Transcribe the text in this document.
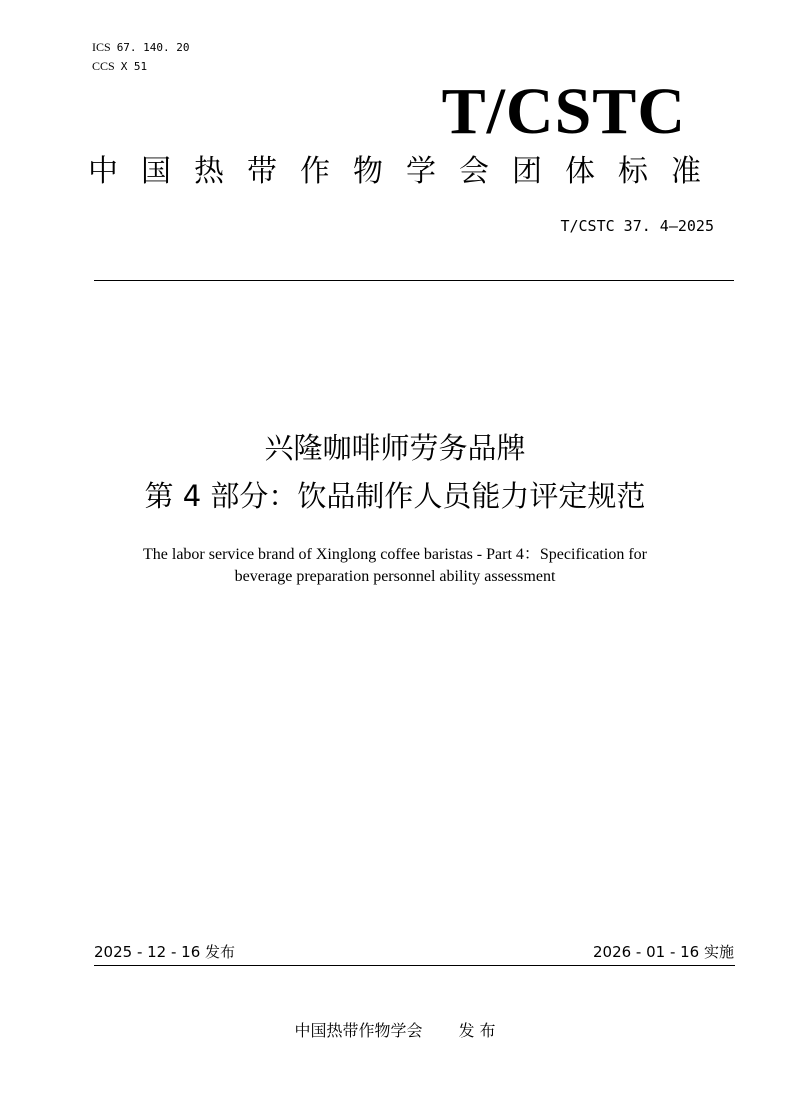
ICS 67. 140. 20
CCS X 51
T/CSTC
中国热带作物学会团体标准
T/CSTC 37. 4—2025
兴隆咖啡师劳务品牌
第 4 部分：饮品制作人员能力评定规范
The labor service brand of Xinglong coffee baristas - Part 4：Specification for
beverage preparation personnel ability assessment
2025 - 12 - 16 发布	2026 - 01 - 16 实施
中国热带作物学会 发 布
